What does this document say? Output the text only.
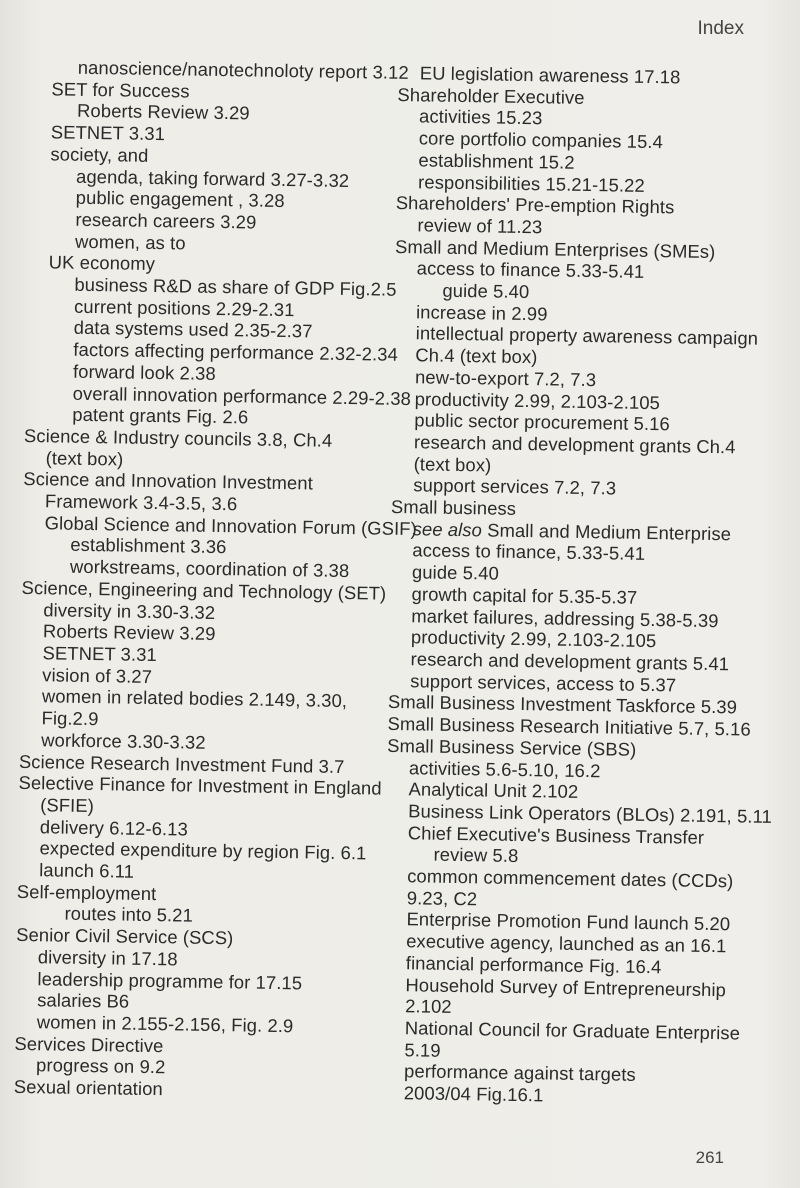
Index
nanoscience/nanotechnoloty report 3.12
SET for Success
Roberts Review 3.29
SETNET 3.31
society, and
agenda, taking forward 3.27-3.32
public engagement , 3.28
research careers 3.29
women, as to
UK economy
business R&D as share of GDP Fig.2.5
current positions 2.29-2.31
data systems used 2.35-2.37
factors affecting performance 2.32-2.34
forward look 2.38
overall innovation performance 2.29-2.38
patent grants Fig. 2.6
Science & Industry councils 3.8, Ch.4
(text box)
Science and Innovation Investment
Framework 3.4-3.5, 3.6
Global Science and Innovation Forum (GSIF)
establishment 3.36
workstreams, coordination of 3.38
Science, Engineering and Technology (SET)
diversity in 3.30-3.32
Roberts Review 3.29
SETNET 3.31
vision of 3.27
women in related bodies 2.149, 3.30,
Fig.2.9
workforce 3.30-3.32
Science Research Investment Fund 3.7
Selective Finance for Investment in England
(SFIE)
delivery 6.12-6.13
expected expenditure by region Fig. 6.1
launch 6.11
Self-employment
routes into 5.21
Senior Civil Service (SCS)
diversity in 17.18
leadership programme for 17.15
salaries B6
women in 2.155-2.156, Fig. 2.9
Services Directive
progress on 9.2
Sexual orientation
EU legislation awareness 17.18
Shareholder Executive
activities 15.23
core portfolio companies 15.4
establishment 15.2
responsibilities 15.21-15.22
Shareholders' Pre-emption Rights
review of 11.23
Small and Medium Enterprises (SMEs)
access to finance 5.33-5.41
guide 5.40
increase in 2.99
intellectual property awareness campaign
Ch.4 (text box)
new-to-export 7.2, 7.3
productivity 2.99, 2.103-2.105
public sector procurement 5.16
research and development grants Ch.4
(text box)
support services 7.2, 7.3
Small business
see also Small and Medium Enterprise
access to finance, 5.33-5.41
guide 5.40
growth capital for 5.35-5.37
market failures, addressing 5.38-5.39
productivity 2.99, 2.103-2.105
research and development grants 5.41
support services, access to 5.37
Small Business Investment Taskforce 5.39
Small Business Research Initiative 5.7, 5.16
Small Business Service (SBS)
activities 5.6-5.10, 16.2
Analytical Unit 2.102
Business Link Operators (BLOs) 2.191, 5.11
Chief Executive's Business Transfer
review 5.8
common commencement dates (CCDs)
9.23, C2
Enterprise Promotion Fund launch 5.20
executive agency, launched as an 16.1
financial performance Fig. 16.4
Household Survey of Entrepreneurship
2.102
National Council for Graduate Enterprise
5.19
performance against targets
2003/04 Fig.16.1
261
